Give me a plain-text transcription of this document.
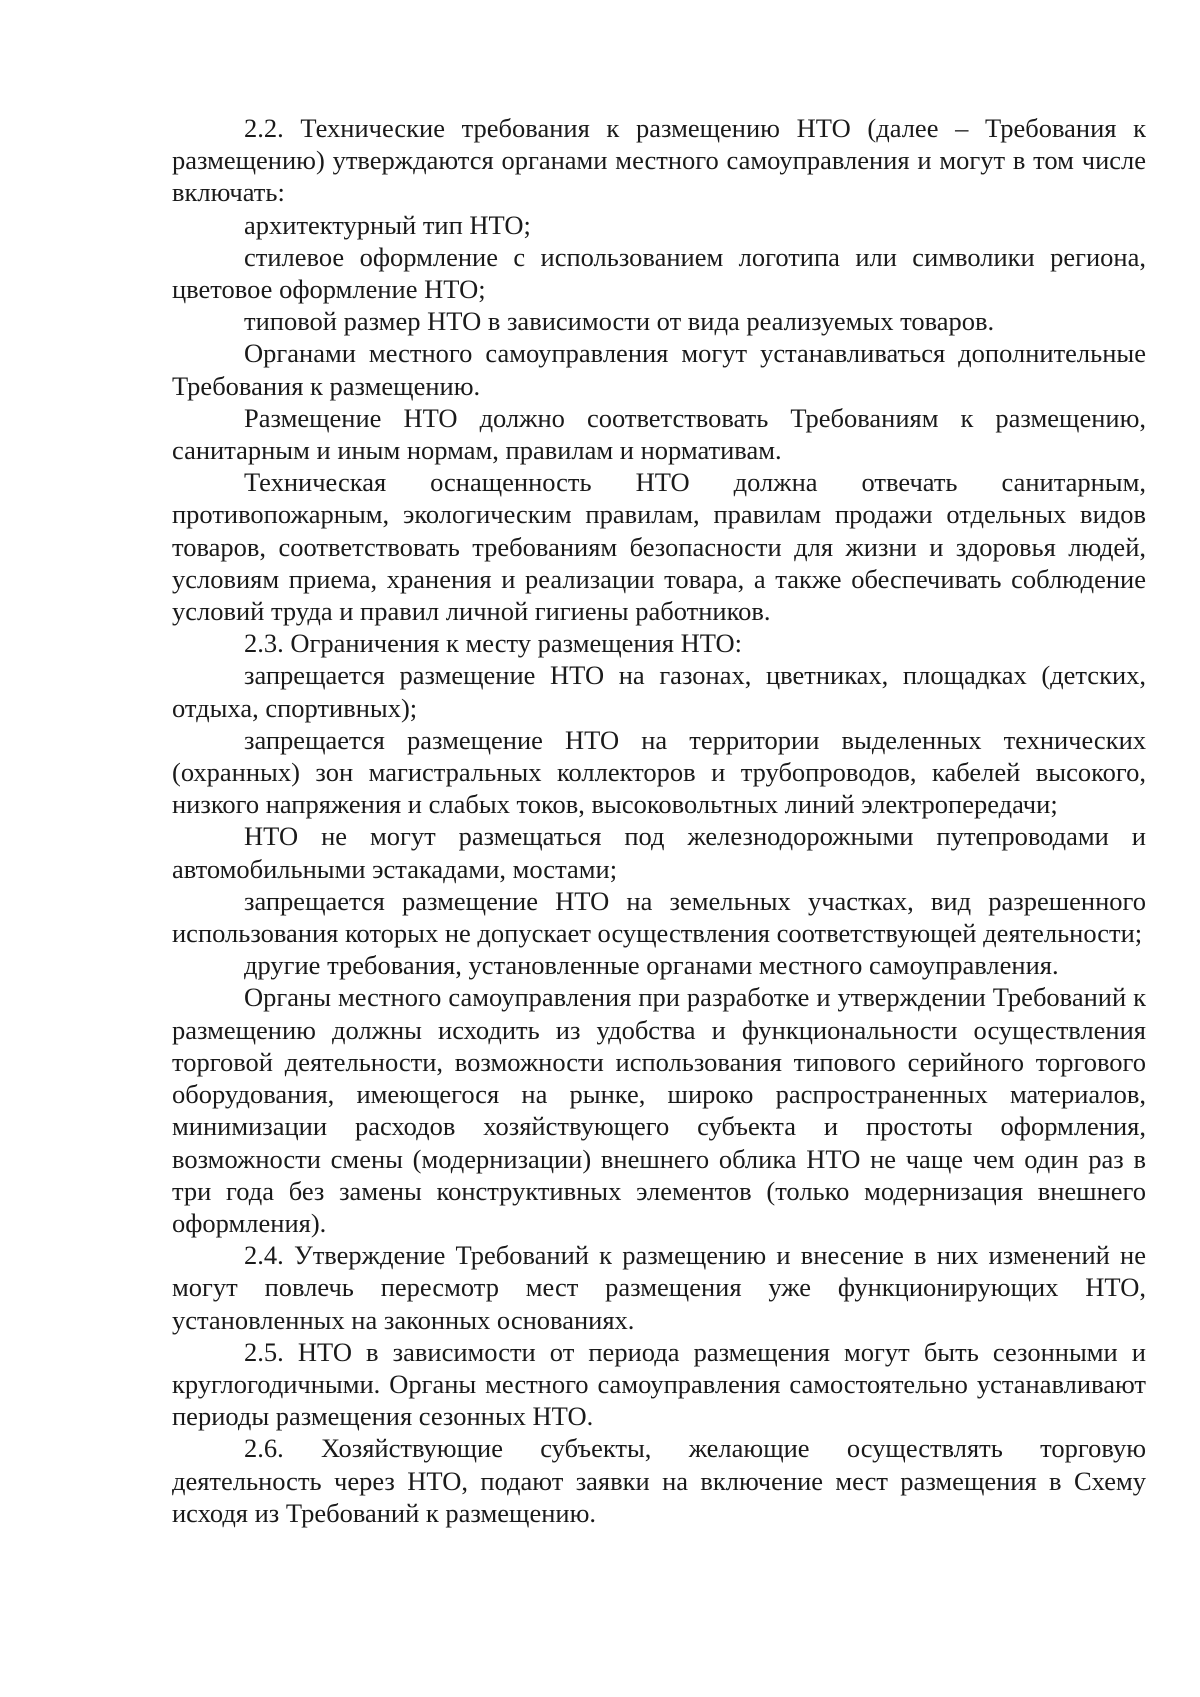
2.2. Технические требования к размещению НТО (далее – Требования к размещению) утверждаются органами местного самоуправления и могут в том числе включать:

архитектурный тип НТО;

стилевое оформление с использованием логотипа или символики региона, цветовое оформление НТО;

типовой размер НТО в зависимости от вида реализуемых товаров.

Органами местного самоуправления могут устанавливаться дополнительные Требования к размещению.

Размещение НТО должно соответствовать Требованиям к размещению, санитарным и иным нормам, правилам и нормативам.

Техническая оснащенность НТО должна отвечать санитарным, противопожарным, экологическим правилам, правилам продажи отдельных видов товаров, соответствовать требованиям безопасности для жизни и здоровья людей, условиям приема, хранения и реализации товара, а также обеспечивать соблюдение условий труда и правил личной гигиены работников.

2.3. Ограничения к месту размещения НТО:

запрещается размещение НТО на газонах, цветниках, площадках (детских, отдыха, спортивных);

запрещается размещение НТО на территории выделенных технических (охранных) зон магистральных коллекторов и трубопроводов, кабелей высокого, низкого напряжения и слабых токов, высоковольтных линий электропередачи;

НТО не могут размещаться под железнодорожными путепроводами и автомобильными эстакадами, мостами;

запрещается размещение НТО на земельных участках, вид разрешенного использования которых не допускает осуществления соответствующей деятельности;

другие требования, установленные органами местного самоуправления.

Органы местного самоуправления при разработке и утверждении Требований к размещению должны исходить из удобства и функциональности осуществления торговой деятельности, возможности использования типового серийного торгового оборудования, имеющегося на рынке, широко распространенных материалов, минимизации расходов хозяйствующего субъекта и простоты оформления, возможности смены (модернизации) внешнего облика НТО не чаще чем один раз в три года без замены конструктивных элементов (только модернизация внешнего оформления).

2.4. Утверждение Требований к размещению и внесение в них изменений не могут повлечь пересмотр мест размещения уже функционирующих НТО, установленных на законных основаниях.

2.5. НТО в зависимости от периода размещения могут быть сезонными и круглогодичными. Органы местного самоуправления самостоятельно устанавливают периоды размещения сезонных НТО.

2.6. Хозяйствующие субъекты, желающие осуществлять торговую деятельность через НТО, подают заявки на включение мест размещения в Схему исходя из Требований к размещению.
